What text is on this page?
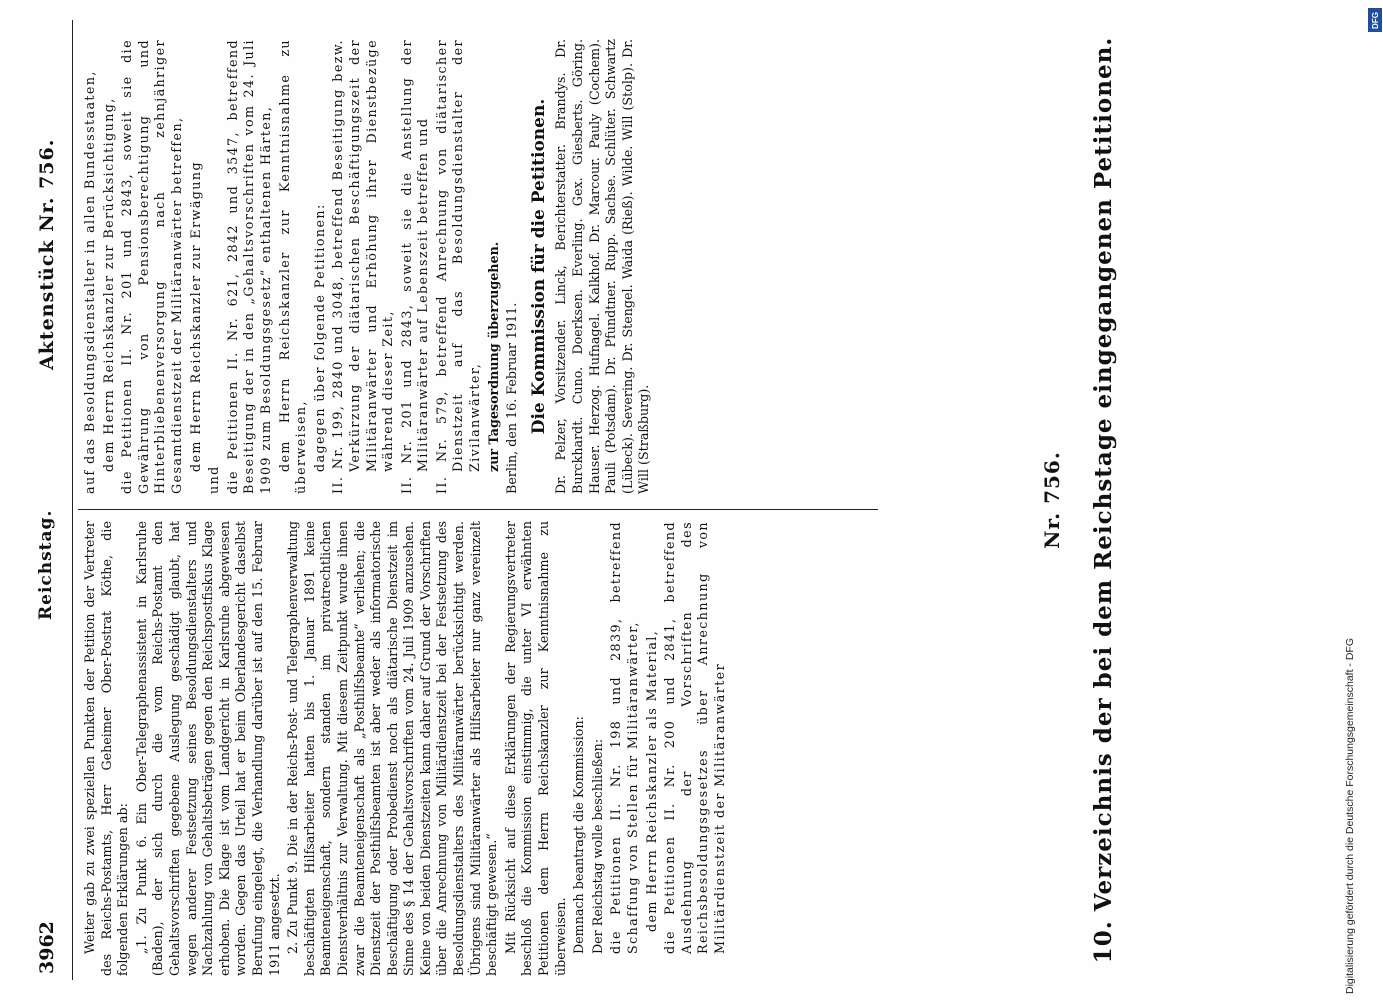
3962
Reichstag.
Aktenstück Nr. 756.

Weiter gab zu zwei speziellen Punkten der Petition der Vertreter des Reichs-Postamts, Herr Geheimer Ober-Postrat Köthe, die folgenden Erklärungen ab: „1. Zu Punkt 6. Ein Ober-Telegraphenassistent in Karlsruhe (Baden), der sich durch die vom Reichs-Postamt den Gehaltsvorschriften gegebene Auslegung geschädigt glaubt, hat wegen anderer Festsetzung seines Besoldungsdienstalters und Nachzahlung von Gehaltsbeträgen gegen den Reichspostfiskus Klage erhoben. Die Klage ist vom Landgericht in Karlsruhe abgewiesen worden. Gegen das Urteil hat er beim Oberlandesgericht daselbst Berufung eingelegt, die Verhandlung darüber ist auf den 15. Februar 1911 angesetzt. 2. Zu Punkt 9. Die in der Reichs-Post- und Telegraphenverwaltung beschäftigten Hilfsarbeiter hatten bis 1. Januar 1891 keine Beamteneigenschaft, sondern standen im privatrechtlichen Dienstverhältnis zur Verwaltung. Mit diesem Zeitpunkt wurde ihnen zwar die Beamteneigenschaft als „Posthilfsbeamte“ verliehen; die Dienstzeit der Posthilfsbeamten ist aber weder als informatorische Beschäftigung oder Probedienst noch als diätarische Dienstzeit im Sinne des § 14 der Gehaltsvorschriften vom 24. Juli 1909 anzusehen. Keine von beiden Dienstzeiten kann daher auf Grund der Vorschriften über die Anrechnung von Militärdienstzeit bei der Festsetzung des Besoldungsdienstalters des Militäranwärter berücksichtigt werden. Übrigens sind Militäranwärter als Hilfsarbeiter nur ganz vereinzelt beschäftigt gewesen.“ Mit Rücksicht auf diese Erklärungen der Regierungsvertreter beschloß die Kommission einstimmig, die unter VI erwähnten Petitionen dem Herrn Reichskanzler zur Kenntnisnahme zu überweisen. Demnach beantragt die Kommission: Der Reichstag wolle beschließen: die Petitionen II. Nr. 198 und 2839, betreffend Schaffung von Stellen für Militäranwärter, dem Herrn Reichskanzler als Material, die Petitionen II. Nr. 200 und 2841, betreffend Ausdehnung der Vorschriften des Reichsbesoldungsgesetzes über Anrechnung von Militärdienstzeit der Militäranwärter

auf das Besoldungsdienstalter in allen Bundesstaaten, dem Herrn Reichskanzler zur Berücksichtigung, die Petitionen II. Nr. 201 und 2843, soweit sie die Gewährung von Pensionsberechtigung und Hinterbliebenenversorgung nach zehnjähriger Gesamtdienstzeit der Militäranwärter betreffen, dem Herrn Reichskanzler zur Erwägung

und die Petitionen II. Nr. 621, 2842 und 3547, betreffend Beseitigung der in den „Gehaltsvorschriften vom 24. Juli 1909 zum Besoldungsgesetz“ enthaltenen Härten, dem Herrn Reichskanzler zur Kenntnisnahme zu überweisen, dagegen über folgende Petitionen: II. Nr. 199, 2840 und 3048, betreffend Beseitigung bezw. Verkürzung der diätarischen Beschäftigungszeit der Militäranwärter und Erhöhung ihrer Dienstbezüge während dieser Zeit, II. Nr. 201 und 2843, soweit sie die Anstellung der Militäranwärter auf Lebenszeit betreffen und II. Nr. 579, betreffend Anrechnung von diätarischer Dienstzeit auf das Besoldungsdienstalter der Zivilanwärter, zur Tagesordnung überzugehen. Berlin, den 16. Februar 1911. Die Kommission für die Petitionen. Dr. Pelzer, Vorsitzender. Linck, Berichterstatter. Brandys. Dr. Burckhardt. Cuno. Doerksen. Everling. Gex. Giesberts. Göring. Hauser. Herzog. Hufnagel. Kalkhof. Dr. Marcour. Pauly (Cochem). Pauli (Potsdam). Dr. Pfundtner. Rupp. Sachse. Schlüter. Schwartz (Lübeck). Severing. Dr. Stengel. Waida (Rieß). Wilde. Will (Stolp). Dr. Will (Straßburg).

Nr. 756. 10. Verzeichnis der bei dem Reichstage eingegangenen Petitionen.	Digitalisierung gefördert durch die Deutsche Forschungsgemeinschaft - DFG
DFG
